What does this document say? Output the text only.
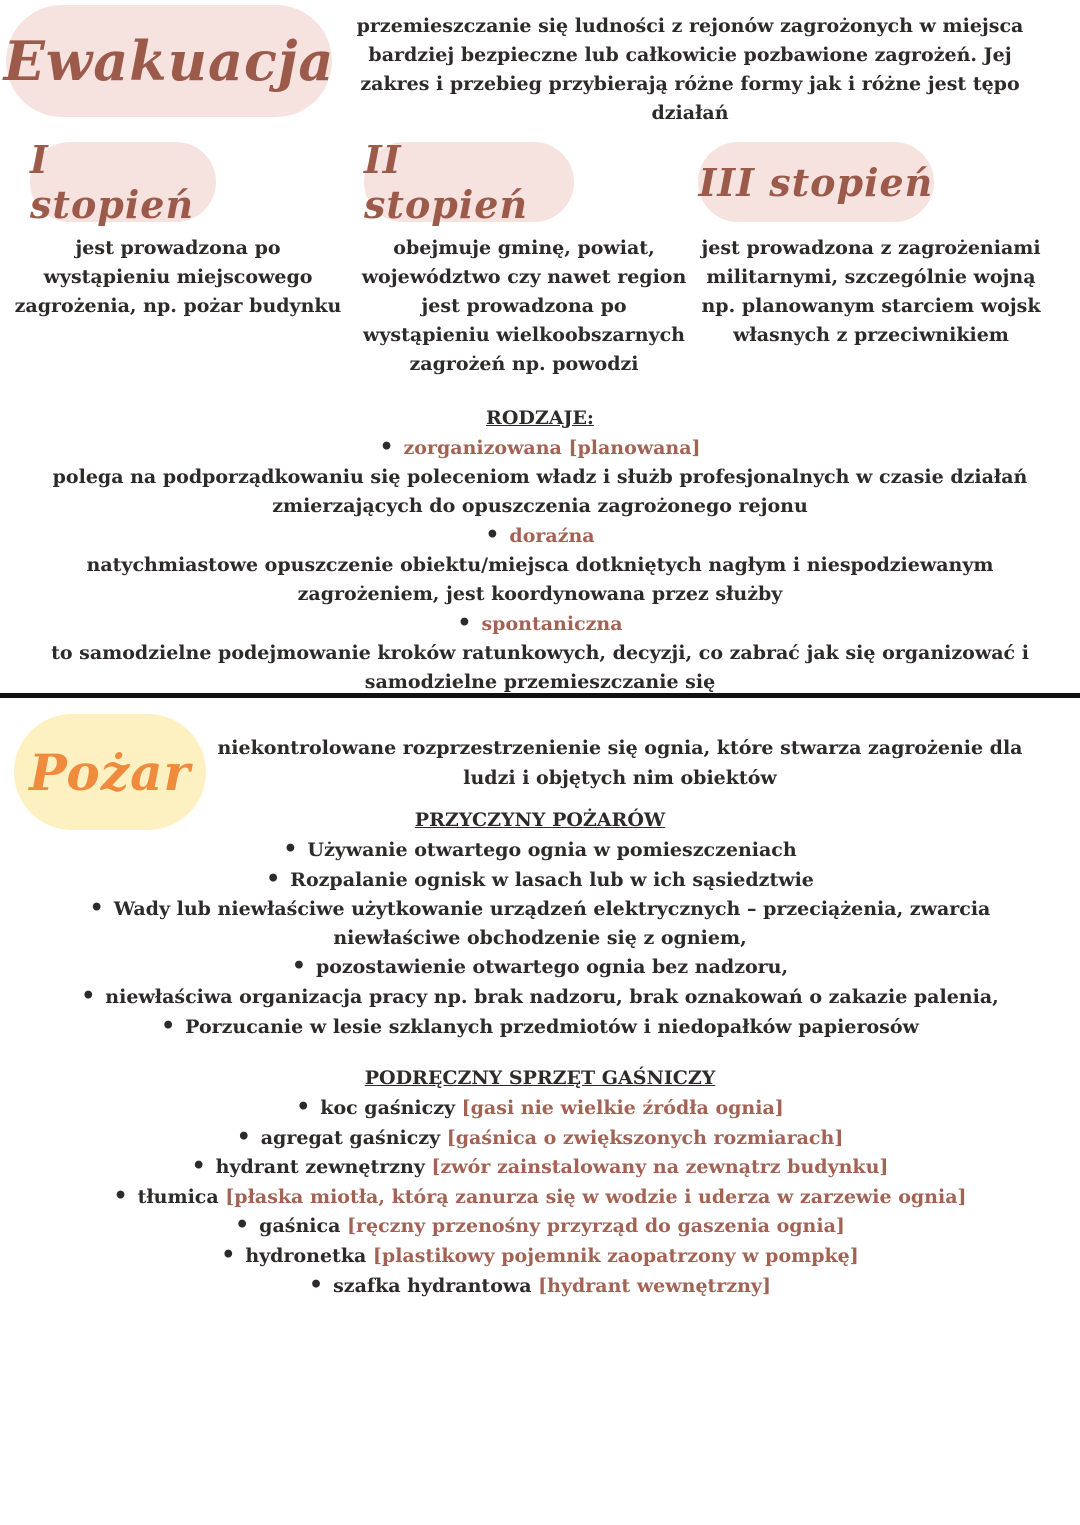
Ewakuacja
przemieszczanie się ludności z rejonów zagrożonych w miejsca bardziej bezpieczne lub całkowicie pozbawione zagrożeń. Jej zakres i przebieg przybierają różne formy jak i różne jest tępo działań
I stopień
II stopień	III stopień
jest prowadzona po wystąpieniu miejscowego zagrożenia, np. pożar budynku
obejmuje gminę, powiat, województwo czy nawet region jest prowadzona po wystąpieniu wielkoobszarnych zagrożeń np. powodzi
jest prowadzona z zagrożeniami militarnymi, szczególnie wojną np. planowanym starciem wojsk własnych z przeciwnikiem
RODZAJE:
• zorganizowana [planowana]
polega na podporządkowaniu się poleceniom władz i służb profesjonalnych w czasie działań zmierzających do opuszczenia zagrożonego rejonu
• doraźna
natychmiastowe opuszczenie obiektu/miejsca dotkniętych nagłym i niespodziewanym zagrożeniem, jest koordynowana przez służby
• spontaniczna
to samodzielne podejmowanie kroków ratunkowych, decyzji, co zabrać jak się organizować i samodzielne przemieszczanie się
Pożar	niekontrolowane rozprzestrzenienie się ognia, które stwarza zagrożenie dla ludzi i objętych nim obiektów
PRZYCZYNY POŻARÓW
• Używanie otwartego ognia w pomieszczeniach
• Rozpalanie ognisk w lasach lub w ich sąsiedztwie
• Wady lub niewłaściwe użytkowanie urządzeń elektrycznych – przeciążenia, zwarcia
niewłaściwe obchodzenie się z ogniem,
• pozostawienie otwartego ognia bez nadzoru,
• niewłaściwa organizacja pracy np. brak nadzoru, brak oznakowań o zakazie palenia,
• Porzucanie w lesie szklanych przedmiotów i niedopałków papierosów
PODRĘCZNY SPRZĘT GAŚNICZY
• koc gaśniczy [gasi nie wielkie źródła ognia]
• agregat gaśniczy [gaśnica o zwiększonych rozmiarach]
• hydrant zewnętrzny [zwór zainstalowany na zewnątrz budynku]
• tłumica [płaska miotła, którą zanurza się w wodzie i uderza w zarzewie ognia]
• gaśnica [ręczny przenośny przyrząd do gaszenia ognia]
• hydronetka [plastikowy pojemnik zaopatrzony w pompkę]
• szafka hydrantowa [hydrant wewnętrzny]
